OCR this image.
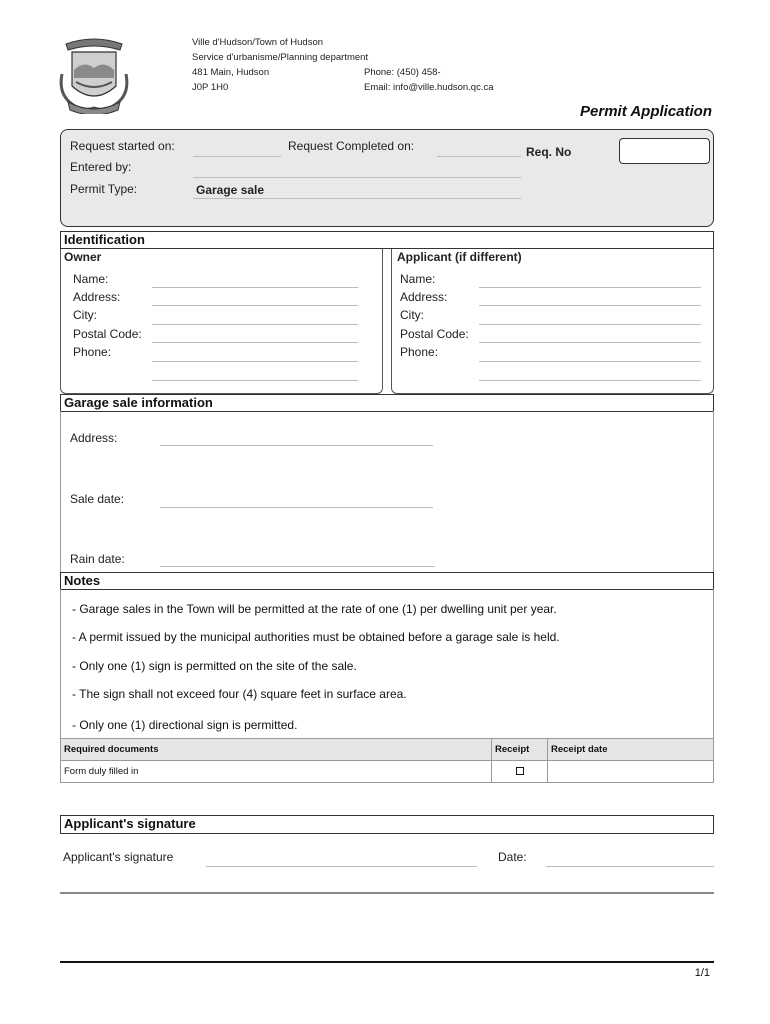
Ville d'Hudson/Town of Hudson
Service d'urbanisme/Planning department
481 Main, Hudson
J0P 1H0
Phone: (450) 458-
Email: info@ville.hudson.qc.ca
Permit Application
Request started on:	Request Completed on:	Req. No
Entered by:
Permit Type:	Garage sale
Identification
Owner	Applicant (if different)
Name:
Address:
City:
Postal Code:
Phone:
Name:
Address:
City:
Postal Code:
Phone:
Garage sale information
Address:
Sale date:
Rain date:
Notes
- Garage sales in the Town will be permitted at the rate of one (1) per dwelling unit per year.
- A permit issued by the municipal authorities must be obtained before a garage sale is held.
- Only one (1) sign is permitted on the site of the sale.
- The sign shall not exceed four (4) square feet in surface area.
- Only one (1) directional sign is permitted.
Required documents	Receipt	Receipt date
Form duly filled in		
Applicant's signature
Applicant's signature	Date:
1/1
